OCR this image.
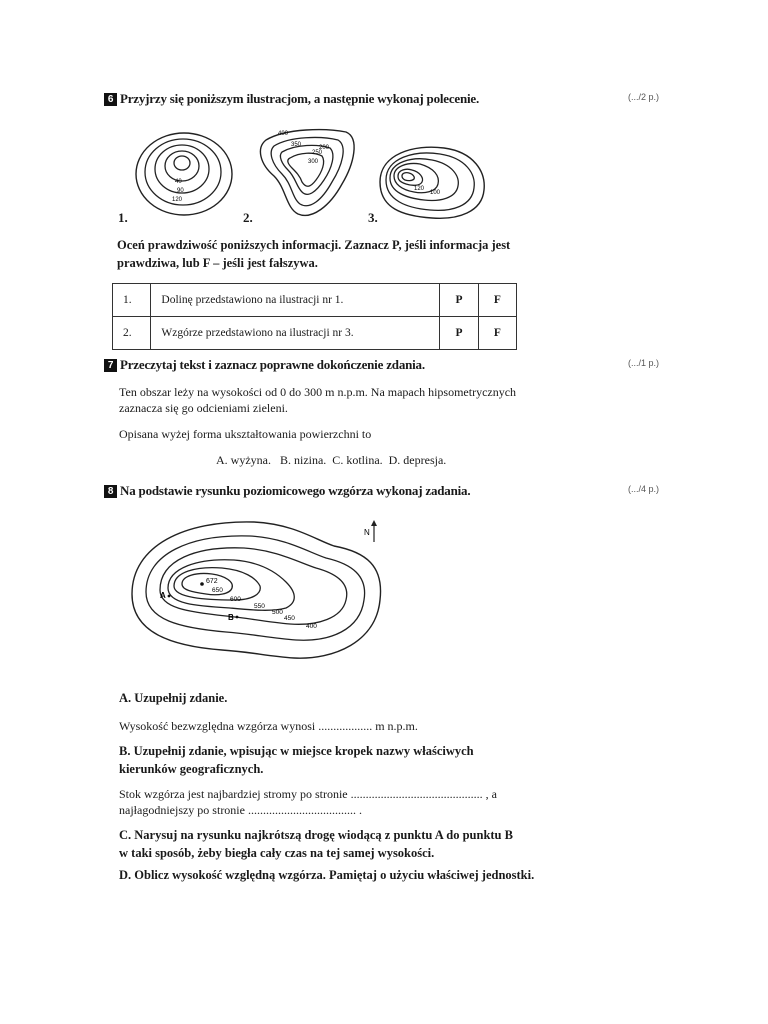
6 Przyjrzy się poniższym ilustracjom, a następnie wykonaj polecenie.	(.../2 p.)
40
90
120
1.
400
350
300
250
200
2.
100
120
3.
Oceń prawdziwość poniższych informacji. Zaznacz P, jeśli informacja jest prawdziwa, lub F – jeśli jest fałszywa.
1.	Dolinę przedstawiono na ilustracji nr 1.	P	F
2.	Wzgórze przedstawiono na ilustracji nr 3.	P	F
7 Przeczytaj tekst i zaznacz poprawne dokończenie zdania.	(.../1 p.)
Ten obszar leży na wysokości od 0 do 300 m n.p.m. Na mapach hipsometrycznych zaznacza się go odcieniami zieleni.
Opisana wyżej forma ukształtowania powierzchni to
A. wyżyna.   B. nizina.  C. kotlina.  D. depresja.
8 Na podstawie rysunku poziomicowego wzgórza wykonaj zadania.	(.../4 p.)
672
650
600
550
500
450
400
A
B
N
A. Uzupełnij zdanie.
Wysokość bezwzględna wzgórza wynosi .................. m n.p.m.
B. Uzupełnij zdanie, wpisując w miejsce kropek nazwy właściwych kierunków geograficznych.
Stok wzgórza jest najbardziej stromy po stronie ............................................ , a najłagodniejszy po stronie .................................... .
C. Narysuj na rysunku najkrótszą drogę wiodącą z punktu A do punktu B w taki sposób, żeby biegła cały czas na tej samej wysokości.
D. Oblicz wysokość względną wzgórza. Pamiętaj o użyciu właściwej jednostki.
